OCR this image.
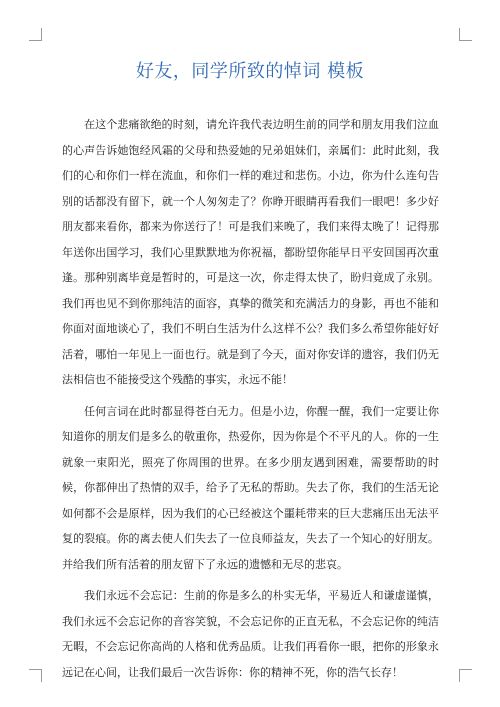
好友，同学所致的悼词 模板

在这个悲痛欲绝的时刻，请允许我代表边明生前的同学和朋友用我们泣血的心声告诉她饱经风霜的父母和热爱她的兄弟姐妹们，亲属们：此时此刻，我们的心和你们一样在流血，和你们一样的难过和悲伤。小边，你为什么连句告别的话都没有留下，就一个人匆匆走了？你睁开眼睛再看我们一眼吧！多少好朋友都来看你，都来为你送行了！可是我们来晚了，我们来得太晚了！记得那年送你出国学习，我们心里默默地为你祝福，都盼望你能早日平安回国再次重逢。那种别离毕竟是暂时的，可是这一次，你走得太快了，盼归竟成了永别。我们再也见不到你那纯洁的面容，真挚的微笑和充满活力的身影，再也不能和你面对面地谈心了，我们不明白生活为什么这样不公？我们多么希望你能好好活着，哪怕一年见上一面也行。就是到了今天，面对你安详的遗容，我们仍无法相信也不能接受这个残酷的事实，永远不能！

任何言词在此时都显得苍白无力。但是小边，你醒一醒，我们一定要让你知道你的朋友们是多么的敬重你，热爱你，因为你是个不平凡的人。你的一生就象一束阳光，照亮了你周围的世界。在多少朋友遇到困难，需要帮助的时候，你都伸出了热情的双手，给予了无私的帮助。失去了你，我们的生活无论如何都不会是原样，因为我们的心已经被这个噩耗带来的巨大悲痛压出无法平复的裂痕。你的离去使人们失去了一位良师益友，失去了一个知心的好朋友。并给我们所有活着的朋友留下了永远的遗憾和无尽的悲哀。

我们永远不会忘记：生前的你是多么的朴实无华，平易近人和谦虚谨慎，我们永远不会忘记你的音容笑貌，不会忘记你的正直无私，不会忘记你的纯洁无暇，不会忘记你高尚的人格和优秀品质。让我们再看你一眼，把你的形象永远记在心间，让我们最后一次告诉你：你的精神不死，你的浩气长存！
